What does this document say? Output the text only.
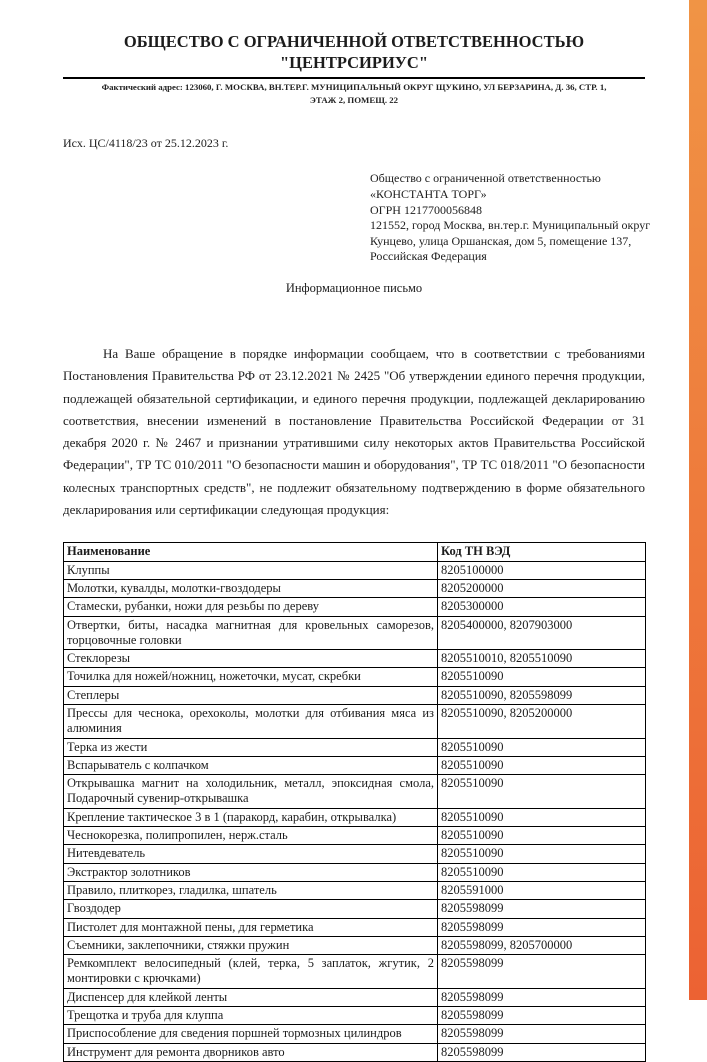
ОБЩЕСТВО С ОГРАНИЧЕННОЙ ОТВЕТСТВЕННОСТЬЮ
"ЦЕНТРСИРИУС"
Фактический адрес: 123060, Г. МОСКВА, ВН.ТЕР.Г. МУНИЦИПАЛЬНЫЙ ОКРУГ ЩУКИНО, УЛ БЕРЗАРИНА, Д. 36, СТР. 1, ЭТАЖ 2, ПОМЕЩ. 22
Исх. ЦС/4118/23 от 25.12.2023 г.
Общество с ограниченной ответственностью
«КОНСТАНТА ТОРГ»
ОГРН 1217700056848
121552, город Москва, вн.тер.г. Муниципальный округ
Кунцево, улица Оршанская, дом 5, помещение 137,
Российская Федерация
Информационное письмо
На Ваше обращение в порядке информации сообщаем, что в соответствии с требованиями Постановления Правительства РФ от 23.12.2021 № 2425 "Об утверждении единого перечня продукции, подлежащей обязательной сертификации, и единого перечня продукции, подлежащей декларированию соответствия, внесении изменений в постановление Правительства Российской Федерации от 31 декабря 2020 г. № 2467 и признании утратившими силу некоторых актов Правительства Российской Федерации", ТР ТС 010/2011 "О безопасности машин и оборудования", ТР ТС 018/2011 "О безопасности колесных транспортных средств", не подлежит обязательному подтверждению в форме обязательного декларирования или сертификации следующая продукция:
Наименование	Код ТН ВЭД
Клуппы	8205100000
Молотки, кувалды, молотки-гвоздодеры	8205200000
Стамески, рубанки, ножи для резьбы по дереву	8205300000
Отвертки, биты, насадка магнитная для кровельных саморезов, торцовочные головки	8205400000, 8207903000
Стеклорезы	8205510010, 8205510090
Точилка для ножей/ножниц, ножеточки, мусат, скребки	8205510090
Степлеры	8205510090, 8205598099
Прессы для чеснока, орехоколы, молотки для отбивания мяса из алюминия	8205510090, 8205200000
Терка из жести	8205510090
Вспарыватель с колпачком	8205510090
Открывашка магнит на холодильник, металл, эпоксидная смола, Подарочный сувенир-открывашка	8205510090
Крепление тактическое 3 в 1 (паракорд, карабин, открывалка)	8205510090
Чеснокорезка, полипропилен, нерж.сталь	8205510090
Нитевдеватель	8205510090
Экстрактор золотников	8205510090
Правило, плиткорез, гладилка, шпатель	8205591000
Гвоздодер	8205598099
Пистолет для монтажной пены, для герметика	8205598099
Съемники, заклепочники, стяжки пружин	8205598099, 8205700000
Ремкомплект велосипедный (клей, терка, 5 заплаток, жгутик, 2 монтировки с крючками)	8205598099
Диспенсер для клейкой ленты	8205598099
Трещотка и труба для клуппа	8205598099
Приспособление для сведения поршней тормозных цилиндров	8205598099
Инструмент для ремонта дворников авто	8205598099
